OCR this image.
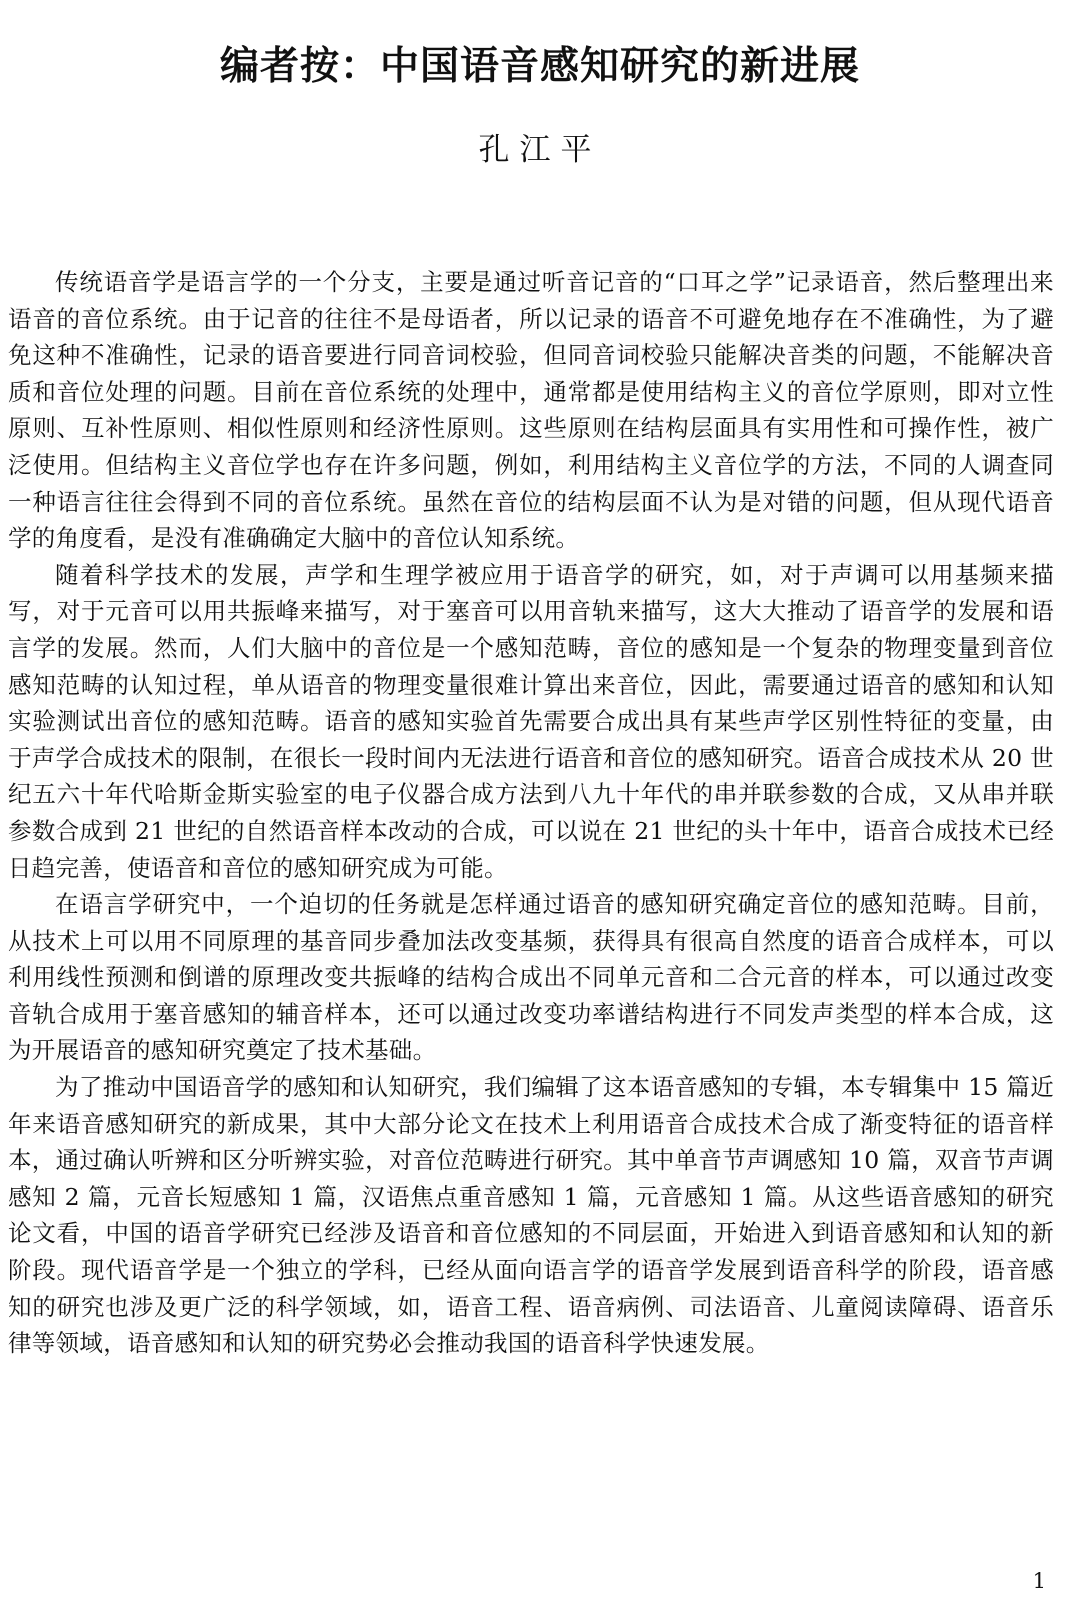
编者按：中国语音感知研究的新进展
孔江平

传统语音学是语言学的一个分支，主要是通过听音记音的“口耳之学”记录语音，然后整理出来语音的音位系统。由于记音的往往不是母语者，所以记录的语音不可避免地存在不准确性，为了避免这种不准确性，记录的语音要进行同音词校验，但同音词校验只能解决音类的问题，不能解决音质和音位处理的问题。目前在音位系统的处理中，通常都是使用结构主义的音位学原则，即对立性原则、互补性原则、相似性原则和经济性原则。这些原则在结构层面具有实用性和可操作性，被广泛使用。但结构主义音位学也存在许多问题，例如，利用结构主义音位学的方法，不同的人调查同一种语言往往会得到不同的音位系统。虽然在音位的结构层面不认为是对错的问题，但从现代语音学的角度看，是没有准确确定大脑中的音位认知系统。

随着科学技术的发展，声学和生理学被应用于语音学的研究，如，对于声调可以用基频来描写，对于元音可以用共振峰来描写，对于塞音可以用音轨来描写，这大大推动了语音学的发展和语言学的发展。然而，人们大脑中的音位是一个感知范畴，音位的感知是一个复杂的物理变量到音位感知范畴的认知过程，单从语音的物理变量很难计算出来音位，因此，需要通过语音的感知和认知实验测试出音位的感知范畴。语音的感知实验首先需要合成出具有某些声学区别性特征的变量，由于声学合成技术的限制，在很长一段时间内无法进行语音和音位的感知研究。语音合成技术从 20 世纪五六十年代哈斯金斯实验室的电子仪器合成方法到八九十年代的串并联参数的合成，又从串并联参数合成到 21 世纪的自然语音样本改动的合成，可以说在 21 世纪的头十年中，语音合成技术已经日趋完善，使语音和音位的感知研究成为可能。

在语言学研究中，一个迫切的任务就是怎样通过语音的感知研究确定音位的感知范畴。目前，从技术上可以用不同原理的基音同步叠加法改变基频，获得具有很高自然度的语音合成样本，可以利用线性预测和倒谱的原理改变共振峰的结构合成出不同单元音和二合元音的样本，可以通过改变音轨合成用于塞音感知的辅音样本，还可以通过改变功率谱结构进行不同发声类型的样本合成，这为开展语音的感知研究奠定了技术基础。

为了推动中国语音学的感知和认知研究，我们编辑了这本语音感知的专辑，本专辑集中 15 篇近年来语音感知研究的新成果，其中大部分论文在技术上利用语音合成技术合成了渐变特征的语音样本，通过确认听辨和区分听辨实验，对音位范畴进行研究。其中单音节声调感知 10 篇，双音节声调感知 2 篇，元音长短感知 1 篇，汉语焦点重音感知 1 篇，元音感知 1 篇。从这些语音感知的研究论文看，中国的语音学研究已经涉及语音和音位感知的不同层面，开始进入到语音感知和认知的新阶段。现代语音学是一个独立的学科，已经从面向语言学的语音学发展到语音科学的阶段，语音感知的研究也涉及更广泛的科学领域，如，语音工程、语音病例、司法语音、儿童阅读障碍、语音乐律等领域，语音感知和认知的研究势必会推动我国的语音科学快速发展。

1
